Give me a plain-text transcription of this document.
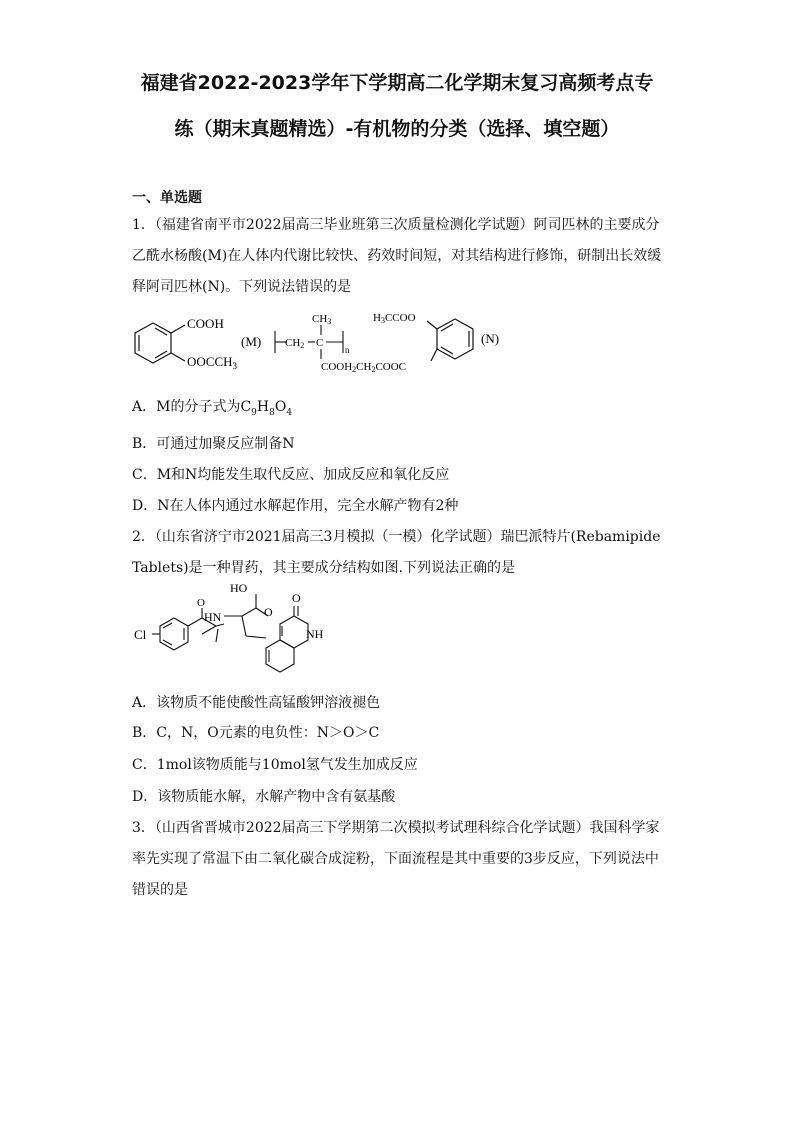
福建省2022-2023学年下学期高二化学期末复习高频考点专
练（期末真题精选）-有机物的分类（选择、填空题）
一、单选题
1．（福建省南平市2022届高三毕业班第三次质量检测化学试题）阿司匹林的主要成分
乙酰水杨酸(M)在人体内代谢比较快、药效时间短，对其结构进行修饰，研制出长效缓
释阿司匹林(N)。下列说法错误的是
COOH
$OOCCH_3$
(M)
CH3
CH2 C
n
COOH2CH2COOC
H3CCOO
(N)
A．M的分子式为$C_9H_8O_4$
B．可通过加聚反应制备N
C．M和N均能发生取代反应、加成反应和氧化反应
D．N在人体内通过水解起作用，完全水解产物有2种
2．（山东省济宁市2021届高三3月模拟（一模）化学试题）瑞巴派特片(Rebamipide
Tablets)是一种胃药，其主要成分结构如图.下列说法正确的是
Cl
O
HN
HO
O
O
NH
A．该物质不能使酸性高锰酸钾溶液褪色
B．C，N，O元素的电负性：N＞O＞C
C．1mol该物质能与10mol氢气发生加成反应
D．该物质能水解，水解产物中含有氨基酸
3．（山西省晋城市2022届高三下学期第二次模拟考试理科综合化学试题）我国科学家
率先实现了常温下由二氧化碳合成淀粉，下面流程是其中重要的3步反应，下列说法中
错误的是
